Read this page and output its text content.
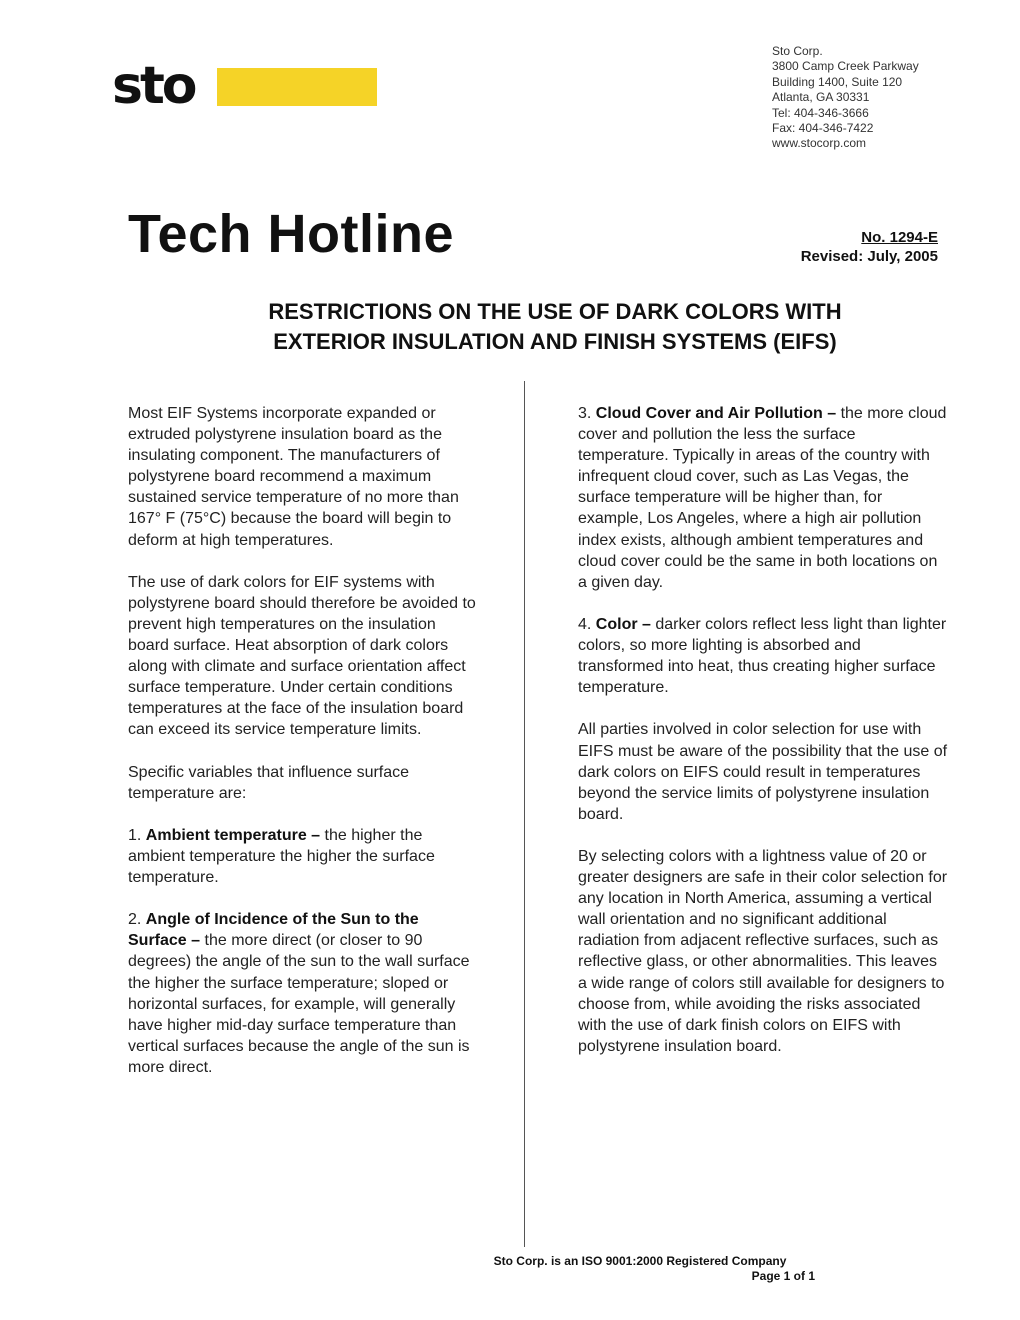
sto
Sto Corp.
3800 Camp Creek Parkway
Building 1400, Suite 120
Atlanta, GA 30331
Tel: 404-346-3666
Fax: 404-346-7422
www.stocorp.com
Tech Hotline	No. 1294-E
Revised: July, 2005
RESTRICTIONS ON THE USE OF DARK COLORS WITH
EXTERIOR INSULATION AND FINISH SYSTEMS (EIFS)

Most EIF Systems incorporate expanded or extruded polystyrene insulation board as the insulating component. The manufacturers of polystyrene board recommend a maximum sustained service temperature of no more than 167° F (75°C) because the board will begin to deform at high temperatures.

The use of dark colors for EIF systems with polystyrene board should therefore be avoided to prevent high temperatures on the insulation board surface. Heat absorption of dark colors along with climate and surface orientation affect surface temperature. Under certain conditions temperatures at the face of the insulation board can exceed its service temperature limits.

Specific variables that influence surface temperature are:

1. Ambient temperature – the higher the ambient temperature the higher the surface temperature.

2. Angle of Incidence of the Sun to the Surface – the more direct (or closer to 90 degrees) the angle of the sun to the wall surface the higher the surface temperature; sloped or horizontal surfaces, for example, will generally have higher mid-day surface temperature than vertical surfaces because the angle of the sun is more direct.

3. Cloud Cover and Air Pollution – the more cloud cover and pollution the less the surface temperature. Typically in areas of the country with infrequent cloud cover, such as Las Vegas, the surface temperature will be higher than, for example, Los Angeles, where a high air pollution index exists, although ambient temperatures and cloud cover could be the same in both locations on a given day.

4. Color – darker colors reflect less light than lighter colors, so more lighting is absorbed and transformed into heat, thus creating higher surface temperature.

All parties involved in color selection for use with EIFS must be aware of the possibility that the use of dark colors on EIFS could result in temperatures beyond the service limits of polystyrene insulation board.

By selecting colors with a lightness value of 20 or greater designers are safe in their color selection for any location in North America, assuming a vertical wall orientation and no significant additional radiation from adjacent reflective surfaces, such as reflective glass, or other abnormalities. This leaves a wide range of colors still available for designers to choose from, while avoiding the risks associated with the use of dark finish colors on EIFS with polystyrene insulation board.

Sto Corp. is an ISO 9001:2000 Registered Company
Page 1 of 1
